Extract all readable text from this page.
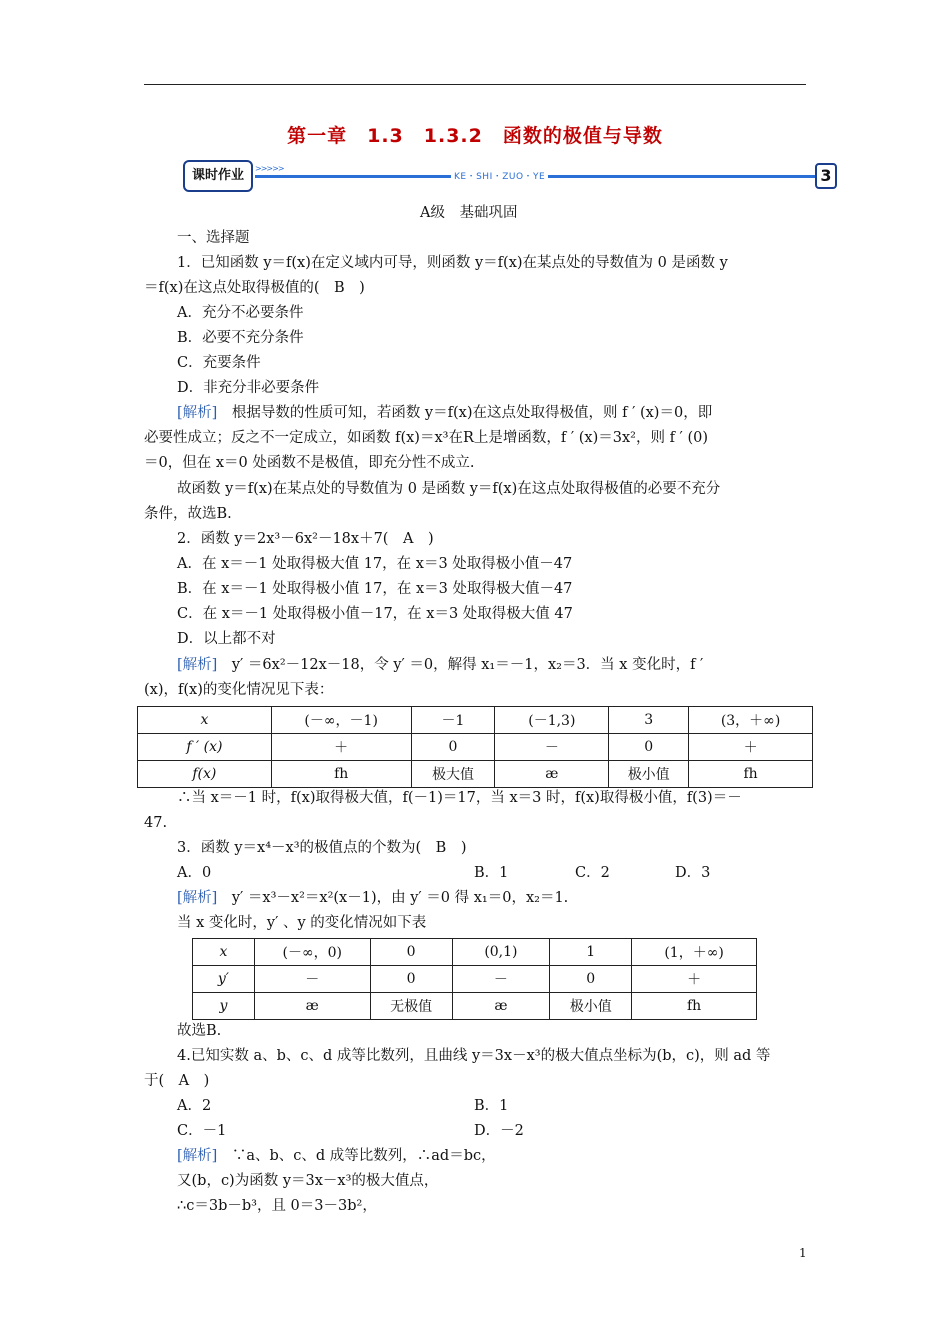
第一章　1.3　1.3.2　函数的极值与导数
课时作业	>>>>>
KE・SHI・ZUO・YE	3
A级　基础巩固
一、选择题
1．已知函数 y＝f(x)在定义域内可导，则函数 y＝f(x)在某点处的导数值为 0 是函数 y
＝f(x)在这点处取得极值的(　B　)
A．充分不必要条件
B．必要不充分条件
C．充要条件
D．非充分非必要条件
[解析]　根据导数的性质可知，若函数 y＝f(x)在这点处取得极值，则 f ′ (x)＝0，即
必要性成立；反之不一定成立，如函数 f(x)＝x³在R上是增函数，f ′ (x)＝3x²，则 f ′ (0)
＝0，但在 x＝0 处函数不是极值，即充分性不成立.
故函数 y＝f(x)在某点处的导数值为 0 是函数 y＝f(x)在这点处取得极值的必要不充分
条件，故选B.
2．函数 y＝2x³－6x²－18x＋7(　A　)
A．在 x＝－1 处取得极大值 17，在 x＝3 处取得极小值－47
B．在 x＝－1 处取得极小值 17，在 x＝3 处取得极大值－47
C．在 x＝－1 处取得极小值－17，在 x＝3 处取得极大值 47
D．以上都不对
[解析]　y′ ＝6x²－12x－18，令 y′ ＝0，解得 x₁＝－1，x₂＝3．当 x 变化时，f ′
(x)，f(x)的变化情况见下表：
∴当 x＝－1 时，f(x)取得极大值，f(－1)＝17，当 x＝3 时，f(x)取得极小值，f(3)＝－
47.
3．函数 y＝x⁴－x³的极值点的个数为(　B　)
A．0	B．1	C．2	D．3
[解析]　y′ ＝x³－x²＝x²(x－1)，由 y′ ＝0 得 x₁＝0，x₂＝1.
当 x 变化时，y′ 、y 的变化情况如下表
故选B.
4.已知实数 a、b、c、d 成等比数列，且曲线 y＝3x－x³的极大值点坐标为(b，c)，则 ad 等
于(　A　)
A．2	B．1
C．－1	D．－2
[解析]　∵a、b、c、d 成等比数列，∴ad＝bc，
又(b，c)为函数 y＝3x－x³的极大值点，
∴c＝3b－b³，且 0＝3－3b²，
x	(－∞，－1)	－1	(－1,3)	3	(3，＋∞)
f ′ (x)	＋	0	－	0	＋
f(x)	fh	极大值	æ	极小值	fh
x	(－∞，0)	0	(0,1)	1	(1，＋∞)
y′	－	0	－	0	＋
y	æ	无极值	æ	极小值	fh
1
